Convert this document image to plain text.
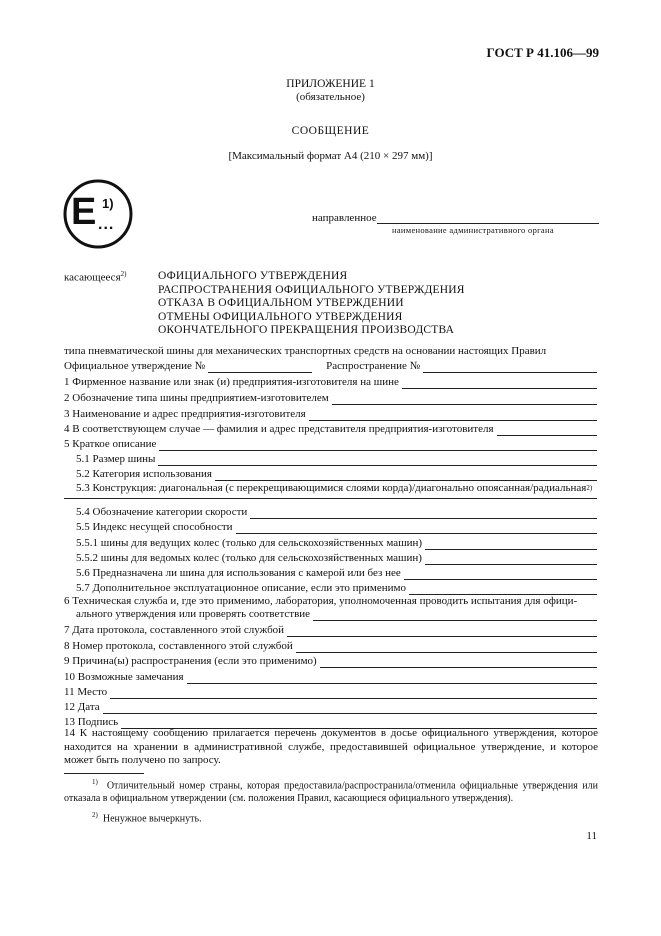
ГОСТ Р 41.106—99
ПРИЛОЖЕНИЕ 1
(обязательное)
СООБЩЕНИЕ
[Максимальный формат А4 (210 × 297 мм)]
E 1)
...	направленное
наименование административного органа
касающееся$^{2)}$	ОФИЦИАЛЬНОГО УТВЕРЖДЕНИЯ
РАСПРОСТРАНЕНИЯ ОФИЦИАЛЬНОГО УТВЕРЖДЕНИЯ
ОТКАЗА В ОФИЦИАЛЬНОМ УТВЕРЖДЕНИИ
ОТМЕНЫ ОФИЦИАЛЬНОГО УТВЕРЖДЕНИЯ
ОКОНЧАТЕЛЬНОГО ПРЕКРАЩЕНИЯ ПРОИЗВОДСТВА
типа пневматической шины для механических транспортных средств на основании настоящих Правил
Официальное утверждение №	Распространение №
1 Фирменное название или знак (и) предприятия-изготовителя на шине
2 Обозначение типа шины предприятием-изготовителем
3 Наименование и адрес предприятия-изготовителя
4 В соответствующем случае — фамилия и адрес представителя предприятия-изготовителя
5 Краткое описание
5.1 Размер шины
5.2 Категория использования
5.3 Конструкция: диагональная (с перекрещивающимися слоями корда)/диагонально опоясанная/радиальная 2)
5.4 Обозначение категории скорости
5.5 Индекс несущей способности
5.5.1 шины для ведущих колес (только для сельскохозяйственных машин)
5.5.2 шины для ведомых колес (только для сельскохозяйственных машин)
5.6 Предназначена ли шина для использования с камерой или без нее
5.7 Дополнительное эксплуатационное описание, если это применимо
6 Техническая служба и, где это применимо, лаборатория, уполномоченная проводить испытания для офици-
ального утверждения или проверять соответствие
7 Дата протокола, составленного этой службой
8 Номер протокола, составленного этой службой
9 Причина(ы) распространения (если это применимо)
10 Возможные замечания
11 Место
12 Дата
13 Подпись
14 К настоящему сообщению прилагается перечень документов в досье официального утверждения, которое находится на хранении в административной службе, предоставившей официальное утверждение, и которое может быть получено по запросу.
$^{1)}$ Отличительный номер страны, которая предоставила/распространила/отменила официальные утверждения или отказала в официальном утверждении (см. положения Правил, касающиеся официального утверждения).
$^{2)}$ Ненужное вычеркнуть.
11
